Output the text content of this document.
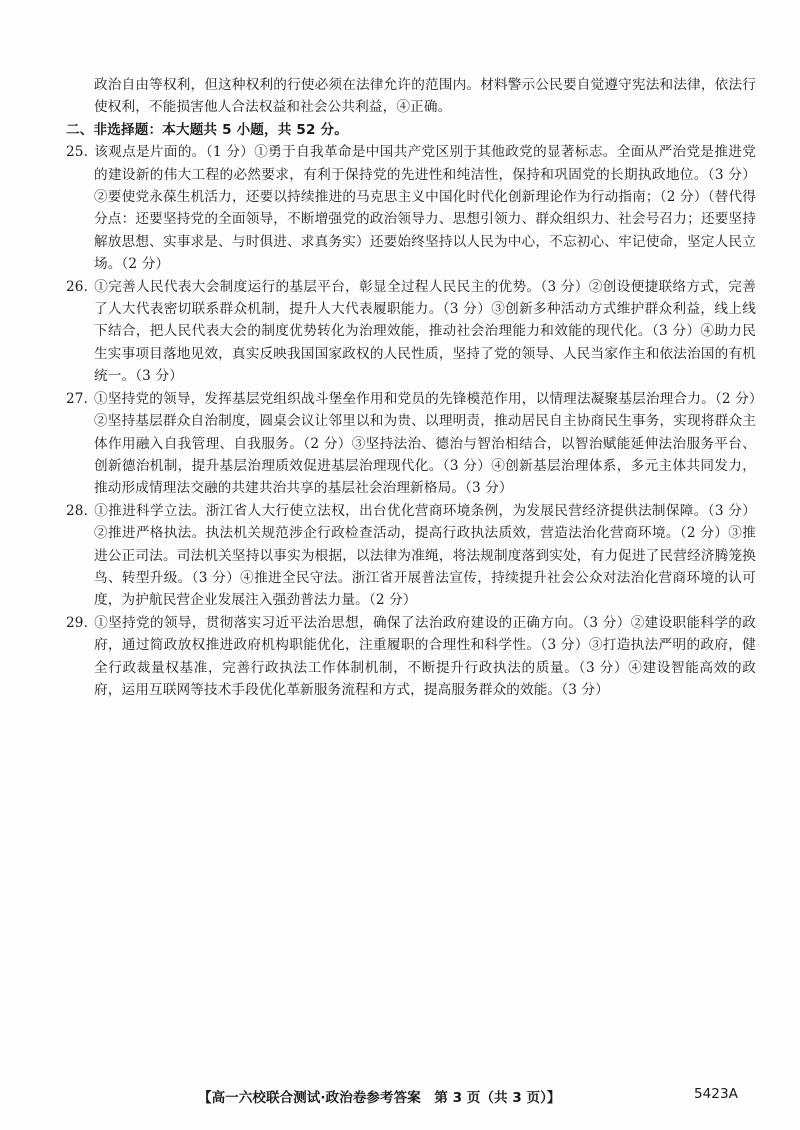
政治自由等权利，但这种权利的行使必须在法律允许的范围内。材料警示公民要自觉遵守宪法和法律，依法行使权利，不能损害他人合法权益和社会公共利益，④正确。

二、非选择题：本大题共 5 小题，共 52 分。

25. 该观点是片面的。（1 分）①勇于自我革命是中国共产党区别于其他政党的显著标志。全面从严治党是推进党的建设新的伟大工程的必然要求，有利于保持党的先进性和纯洁性，保持和巩固党的长期执政地位。（3 分）②要使党永葆生机活力，还要以持续推进的马克思主义中国化时代化创新理论作为行动指南；（2 分）（替代得分点：还要坚持党的全面领导，不断增强党的政治领导力、思想引领力、群众组织力、社会号召力；还要坚持解放思想、实事求是、与时俱进、求真务实）还要始终坚持以人民为中心，不忘初心、牢记使命，坚定人民立场。（2 分）

26. ①完善人民代表大会制度运行的基层平台，彰显全过程人民民主的优势。（3 分）②创设便捷联络方式，完善了人大代表密切联系群众机制，提升人大代表履职能力。（3 分）③创新多种活动方式维护群众利益，线上线下结合，把人民代表大会的制度优势转化为治理效能，推动社会治理能力和效能的现代化。（3 分）④助力民生实事项目落地见效，真实反映我国国家政权的人民性质，坚持了党的领导、人民当家作主和依法治国的有机统一。（3 分）

27. ①坚持党的领导，发挥基层党组织战斗堡垒作用和党员的先锋模范作用，以情理法凝聚基层治理合力。（2 分）②坚持基层群众自治制度，圆桌会议让邻里以和为贵、以理明责，推动居民自主协商民生事务，实现将群众主体作用融入自我管理、自我服务。（2 分）③坚持法治、德治与智治相结合，以智治赋能延伸法治服务平台、创新德治机制，提升基层治理质效促进基层治理现代化。（3 分）④创新基层治理体系，多元主体共同发力，推动形成情理法交融的共建共治共享的基层社会治理新格局。（3 分）

28. ①推进科学立法。浙江省人大行使立法权，出台优化营商环境条例，为发展民营经济提供法制保障。（3 分）②推进严格执法。执法机关规范涉企行政检查活动，提高行政执法质效，营造法治化营商环境。（2 分）③推进公正司法。司法机关坚持以事实为根据，以法律为准绳，将法规制度落到实处，有力促进了民营经济腾笼换鸟、转型升级。（3 分）④推进全民守法。浙江省开展普法宣传，持续提升社会公众对法治化营商环境的认可度，为护航民营企业发展注入强劲普法力量。（2 分）

29. ①坚持党的领导，贯彻落实习近平法治思想，确保了法治政府建设的正确方向。（3 分）②建设职能科学的政府，通过简政放权推进政府机构职能优化，注重履职的合理性和科学性。（3 分）③打造执法严明的政府，健全行政裁量权基准，完善行政执法工作体制机制，不断提升行政执法的质量。（3 分）④建设智能高效的政府，运用互联网等技术手段优化革新服务流程和方式，提高服务群众的效能。（3 分）

【高一六校联合测试·政治卷参考答案　第 3 页（共 3 页）】	5423A
